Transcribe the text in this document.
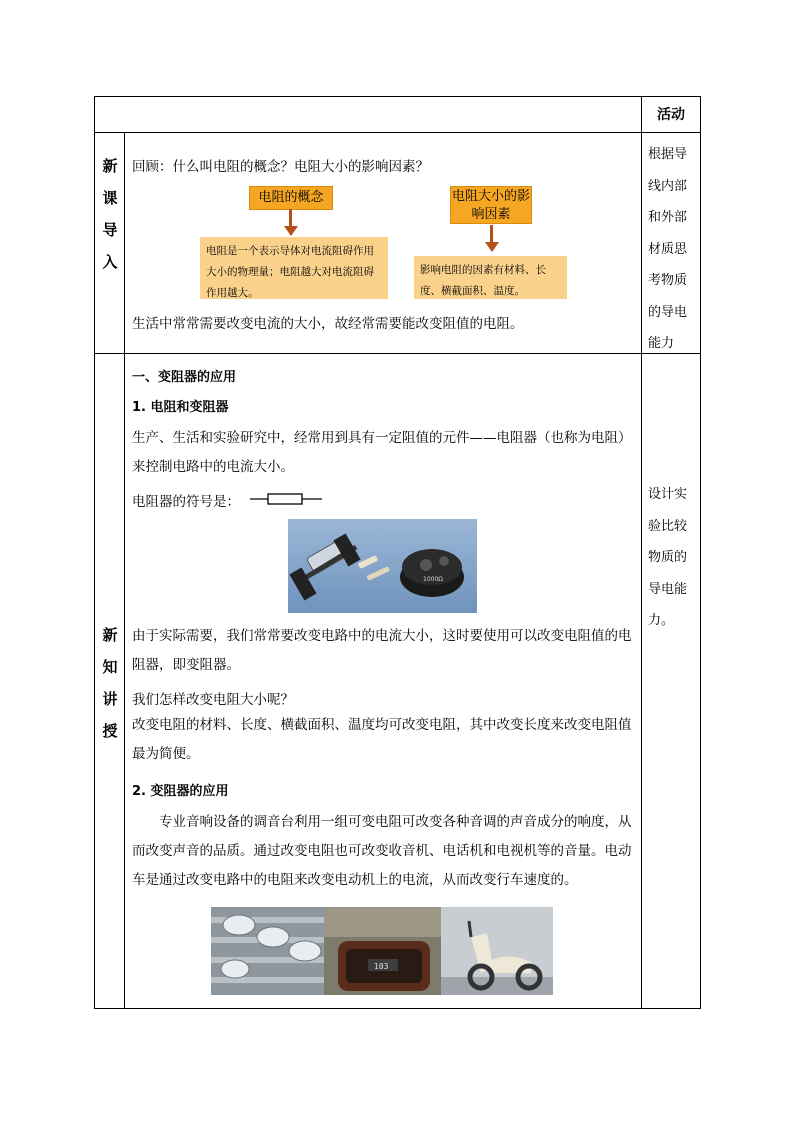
活动
新
课
导
入
回顾：什么叫电阻的概念？电阻大小的影响因素？
电阻的概念
电阻是一个表示导体对电流阻碍作用大小的物理量；电阻越大对电流阻碍作用越大。
电阻大小的影响因素
影响电阻的因素有材料、长度、横截面积、温度。
生活中常常需要改变电流的大小，故经常需要能改变阻值的电阻。
根据导线内部和外部材质思考物质的导电能力
新
知
讲
授
一、变阻器的应用
1. 电阻和变阻器
生产、生活和实验研究中，经常用到具有一定阻值的元件——电阻器（也称为电阻）来控制电路中的电流大小。
电阻器的符号是：
1000Ω
由于实际需要，我们常常要改变电路中的电流大小，这时要使用可以改变电阻值的电阻器，即变阻器。
我们怎样改变电阻大小呢？
改变电阻的材料、长度、横截面积、温度均可改变电阻，其中改变长度来改变电阻值最为简便。
2. 变阻器的应用
专业音响设备的调音台利用一组可变电阻可改变各种音调的声音成分的响度，从而改变声音的品质。通过改变电阻也可改变收音机、电话机和电视机等的音量。电动车是通过改变电路中的电阻来改变电动机上的电流，从而改变行车速度的。
103
设计实验比较物质的导电能力。
